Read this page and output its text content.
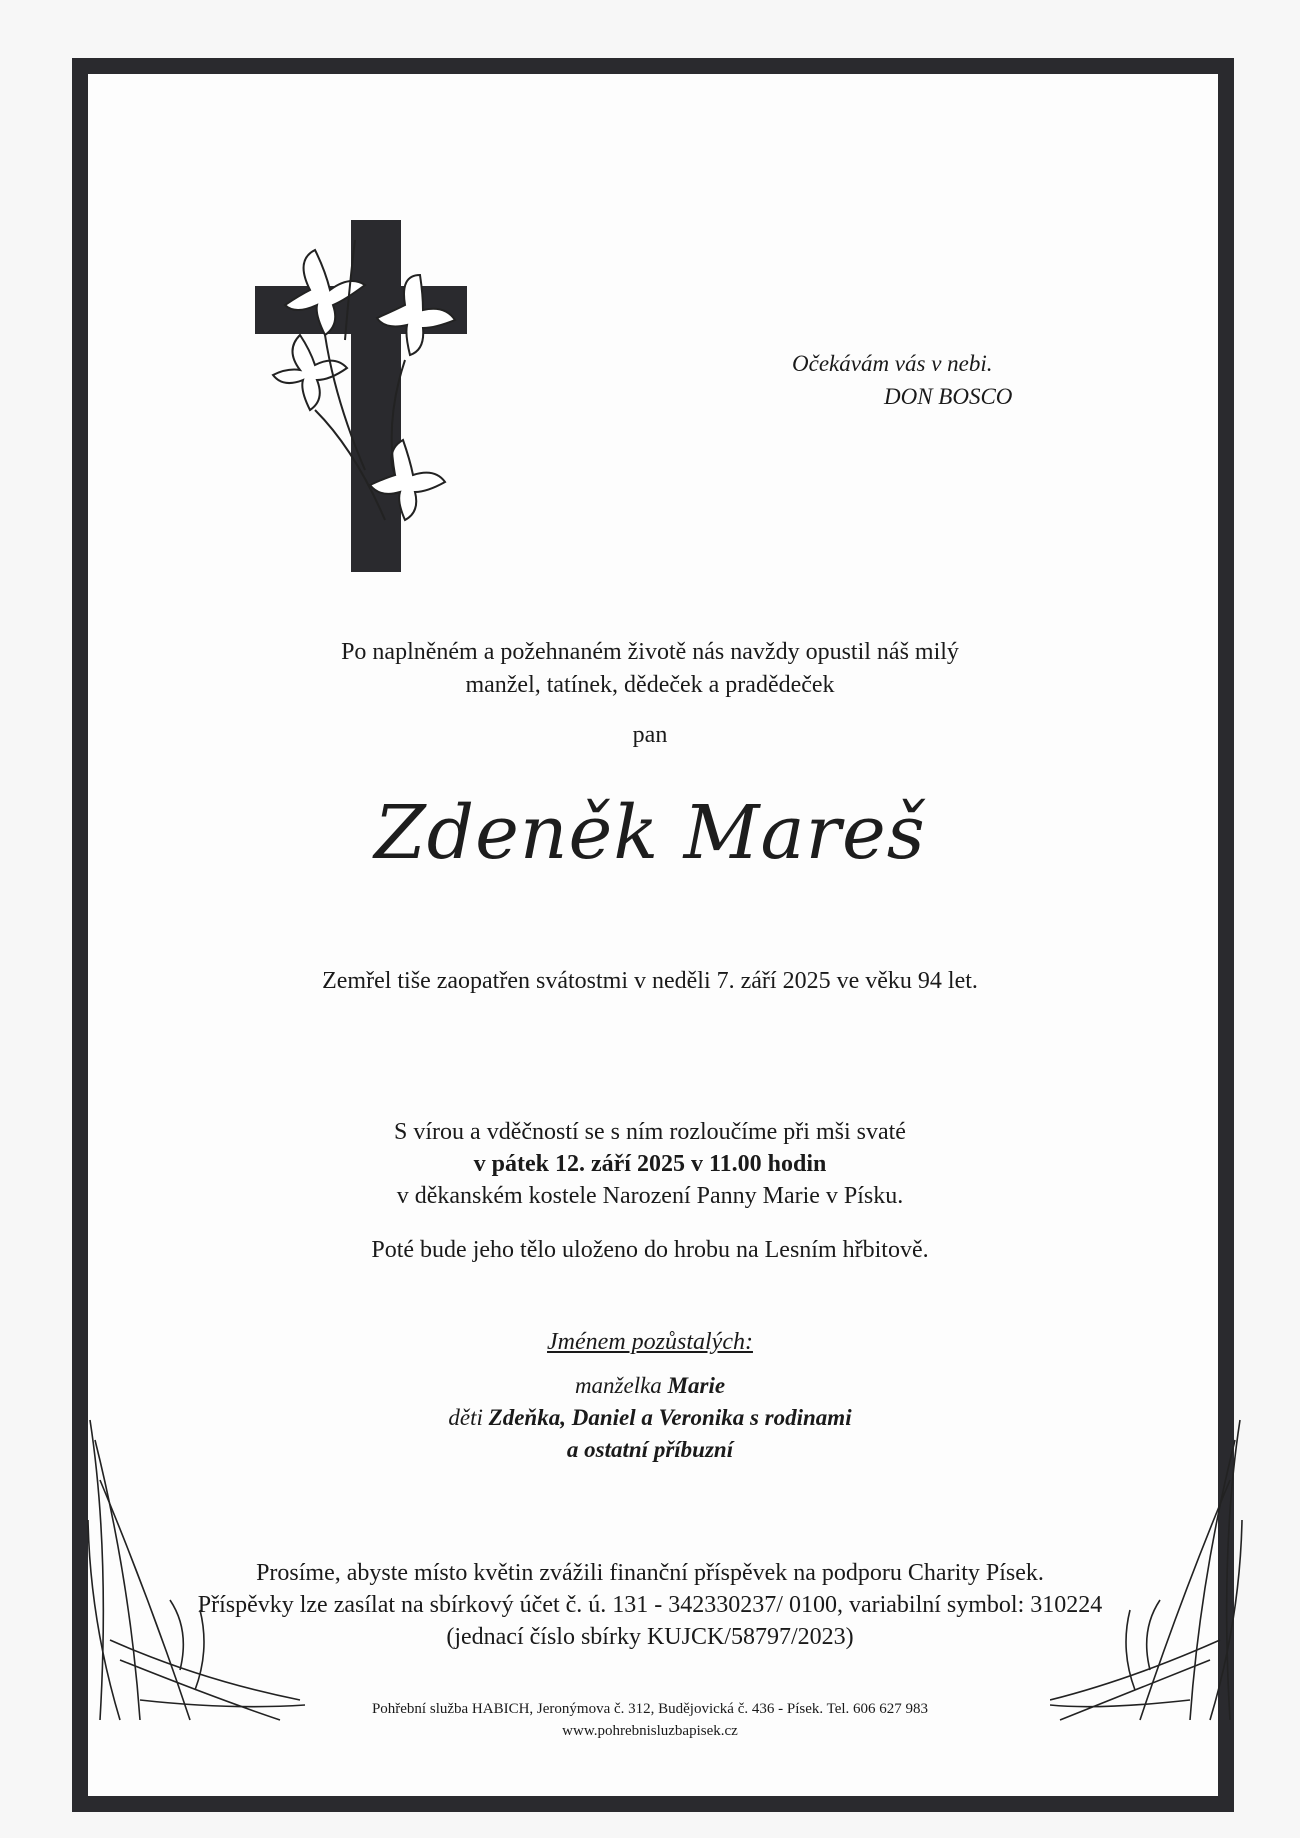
Očekávám vás v nebi.
DON BOSCO
Po naplněném a požehnaném životě nás navždy opustil náš milý
manžel, tatínek, dědeček a pradědeček
pan
Zdeněk Mareš
Zemřel tiše zaopatřen svátostmi v neděli 7. září 2025 ve věku 94 let.
S vírou a vděčností se s ním rozloučíme při mši svaté
v pátek 12. září 2025 v 11.00 hodin
v děkanském kostele Narození Panny Marie v Písku.
Poté bude jeho tělo uloženo do hrobu na Lesním hřbitově.
Jménem pozůstalých:
manželka Marie
děti Zdeňka, Daniel a Veronika s rodinami
a ostatní příbuzní
Prosíme, abyste místo květin zvážili finanční příspěvek na podporu Charity Písek.
Příspěvky lze zasílat na sbírkový účet č. ú. 131 - 342330237/ 0100, variabilní symbol: 310224
(jednací číslo sbírky KUJCK/58797/2023)
Pohřební služba HABICH, Jeronýmova č. 312, Budějovická č. 436 - Písek. Tel. 606 627 983
www.pohrebnisluzbapisek.cz
